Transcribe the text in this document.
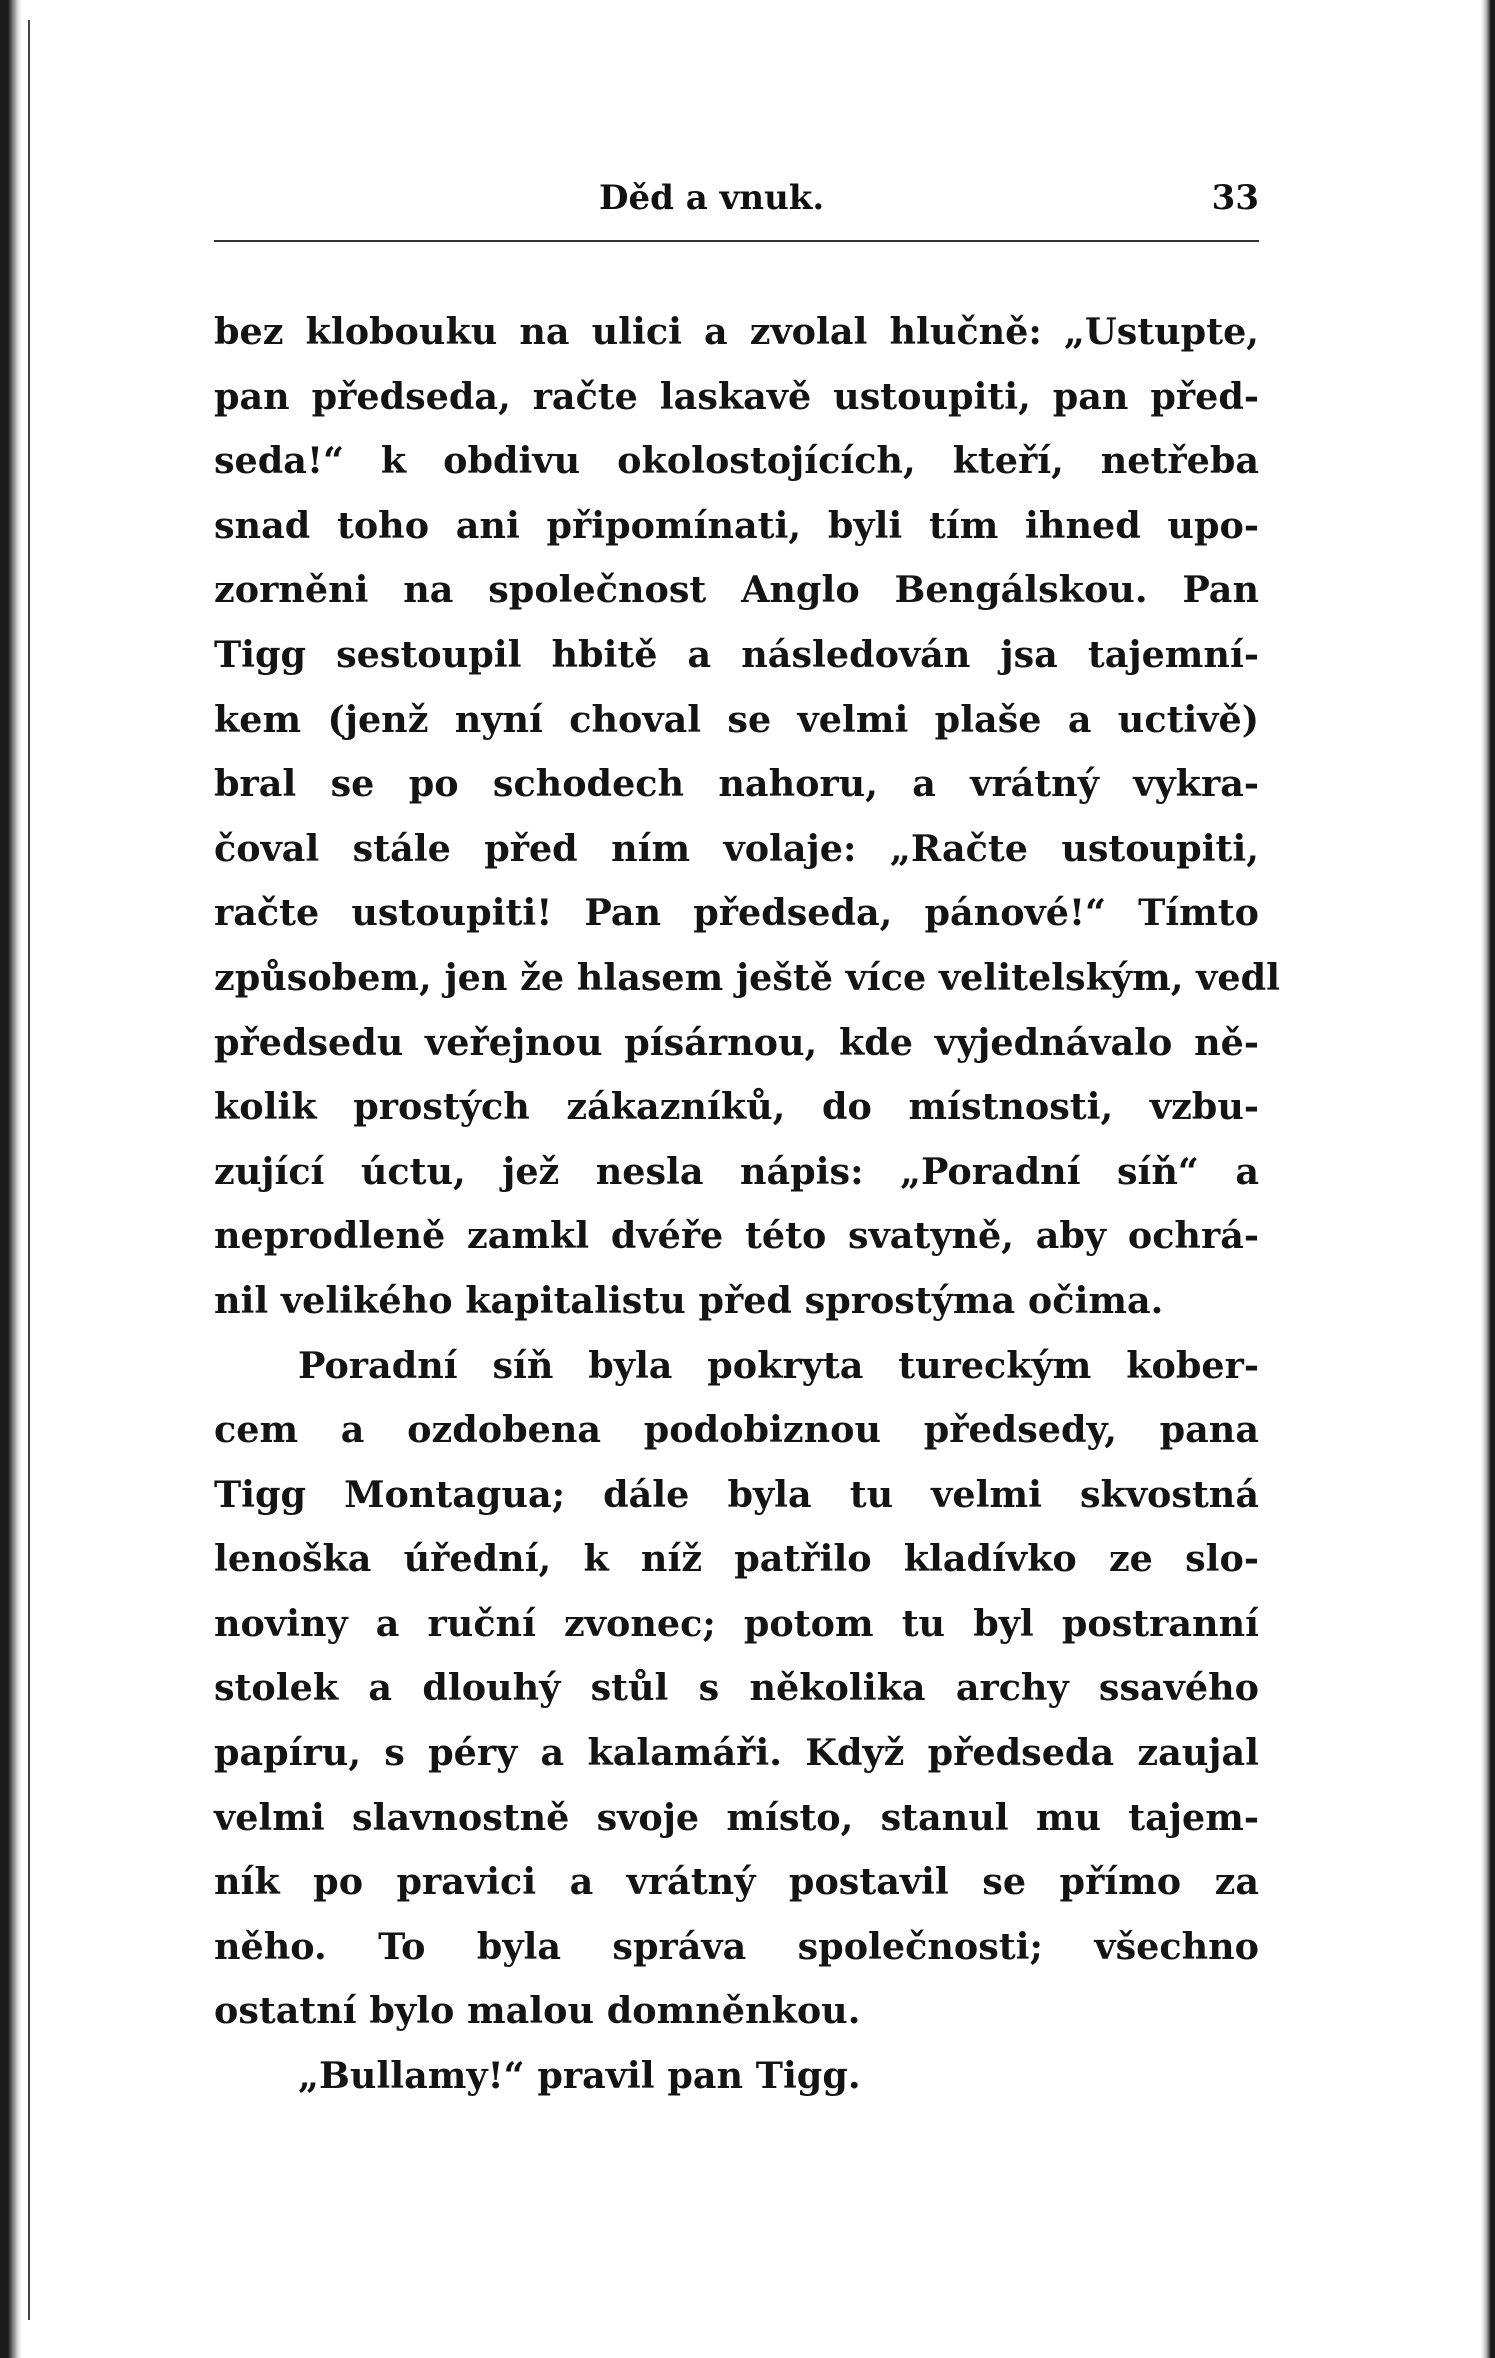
Děd a vnuk.	33
bez klobouku na ulici a zvolal hlučně: „Ustupte,
pan předseda, račte laskavě ustoupiti, pan před-
seda!“ k obdivu okolostojících, kteří, netřeba
snad toho ani připomínati, byli tím ihned upo-
zorněni na společnost Anglo Bengálskou. Pan
Tigg sestoupil hbitě a následován jsa tajemní-
kem (jenž nyní choval se velmi plaše a uctivě)
bral se po schodech nahoru, a vrátný vykra-
čoval stále před ním volaje: „Račte ustoupiti,
račte ustoupiti! Pan předseda, pánové!“ Tímto
způsobem, jen že hlasem ještě více velitelským, vedl
předsedu veřejnou písárnou, kde vyjednávalo ně-
kolik prostých zákazníků, do místnosti, vzbu-
zující úctu, jež nesla nápis: „Poradní síň“ a
neprodleně zamkl dvéře této svatyně, aby ochrá-
nil velikého kapitalistu před sprostýma očima.
Poradní síň byla pokryta tureckým kober-
cem a ozdobena podobiznou předsedy, pana
Tigg Montagua; dále byla tu velmi skvostná
lenoška úřední, k níž patřilo kladívko ze slo-
noviny a ruční zvonec; potom tu byl postranní
stolek a dlouhý stůl s několika archy ssavého
papíru, s péry a kalamáři. Když předseda zaujal
velmi slavnostně svoje místo, stanul mu tajem-
ník po pravici a vrátný postavil se přímo za
něho. To byla správa společnosti; všechno
ostatní bylo malou domněnkou.
„Bullamy!“ pravil pan Tigg.
